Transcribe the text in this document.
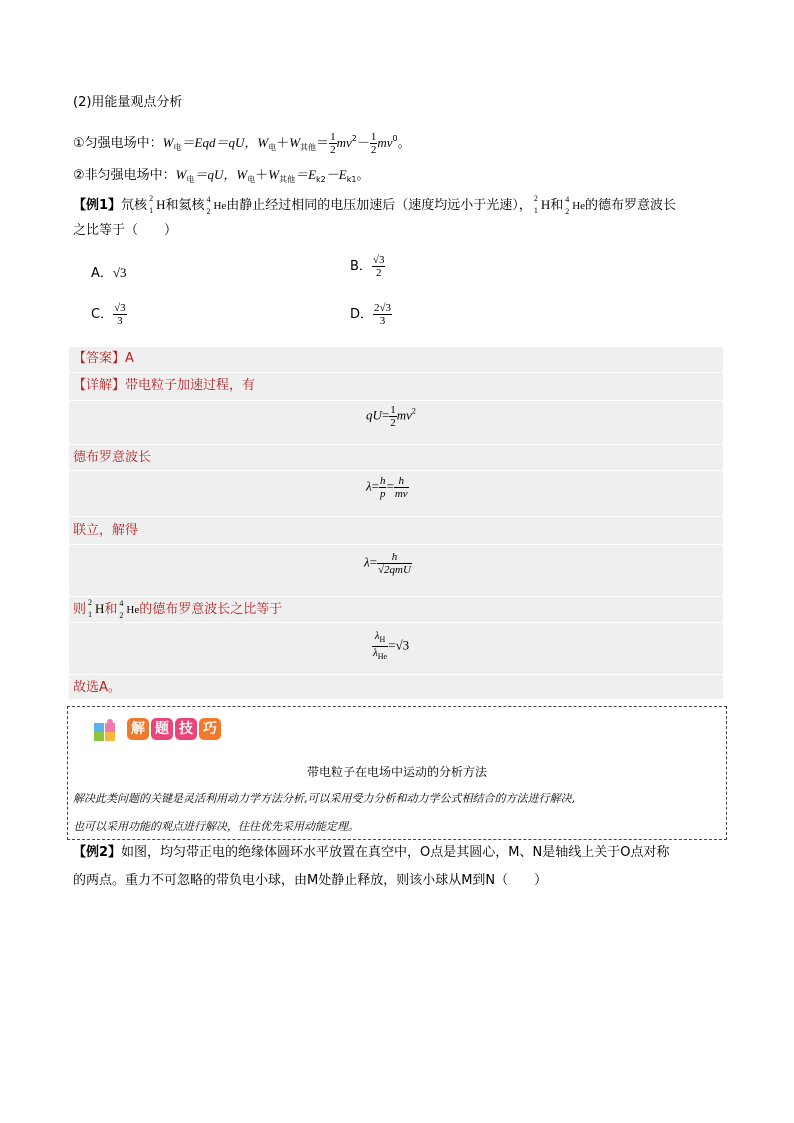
(2)用能量观点分析
①匀强电场中：$W_电=Eqd=qU$，$W_电+W_{其他}= \frac{1}{2} mv^2- \frac{1}{2} mv^0$。
②非匀强电场中：$W_电=qU$，$W_电+W_{其他}=E_{k2}-E_{k1}$。
【例1】氘核 2
1 H和氦核 4
2 He由静止经过相同的电压加速后（速度均远小于光速）， 2
1 H和 4
2 He的德布罗意波长
之比等于（　　）
A．√3	B． $\frac{√3}{2}$
C． $\frac{√3}{3}$	D． $\frac{2√3}{3}$
【答案】A
【详解】带电粒子加速过程，有
$qU= \frac{1}{2} mv^2$
德布罗意波长
$\lambda= \frac{h}{p} = \frac{h}{mv}$
联立，解得
$\lambda= \frac{h}{\text{√2qmU}}$
则 2
1 H和 4
2 He的德布罗意波长之比等于
$\frac{\lambda_H}{\lambda_{He}} =√3$
故选A。
解 题 技 巧
带电粒子在电场中运动的分析方法
解决此类问题的关键是灵活利用动力学方法分析,可以采用受力分析和动力学公式相结合的方法进行解决,
也可以采用功能的观点进行解决，往往优先采用动能定理。
【例2】如图，均匀带正电的绝缘体圆环水平放置在真空中，O点是其圆心，M、N是轴线上关于O点对称
的两点。重力不可忽略的带负电小球，由M处静止释放，则该小球从M到N（　　）
